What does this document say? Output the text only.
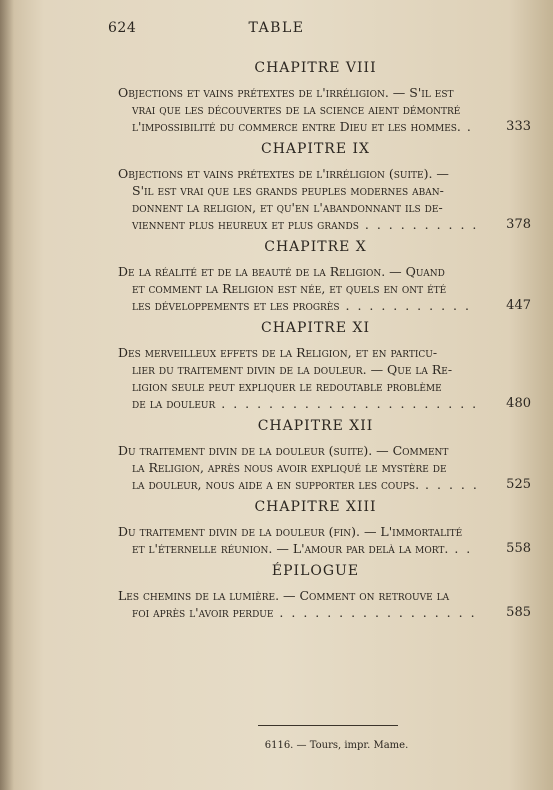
624	TABLE
CHAPITRE VIII
Objections et vains prétextes de l'irréligion. — S'il est
vrai que les découvertes de la science aient démontré
l'impossibilité du commerce entre Dieu et les hommes. . . .	333
CHAPITRE IX
Objections et vains prétextes de l'irréligion (suite). —
S'il est vrai que les grands peuples modernes aban-
donnent la religion, et qu'en l'abandonnant ils de-
viennent plus heureux et plus grands . . .	378
CHAPITRE X
De la réalité et de la beauté de la Religion. — Quand
et comment la Religion est née, et quels en ont été
les développements et les progrès . . .	447
CHAPITRE XI
Des merveilleux effets de la Religion, et en particu-
lier du traitement divin de la douleur. — Que la Re-
ligion seule peut expliquer le redoutable problème
de la douleur . . .	480
CHAPITRE XII
Du traitement divin de la douleur (suite). — Comment
la Religion, après nous avoir expliqué le mystère de
la douleur, nous aide a en supporter les coups. . . .	525
CHAPITRE XIII
Du traitement divin de la douleur (fin). — L'immortalité
et l'éternelle réunion. — L'amour par delà la mort. . . .	558
ÉPILOGUE
Les chemins de la lumière. — Comment on retrouve la
foi après l'avoir perdue . . .	585
6116. — Tours, impr. Mame.
